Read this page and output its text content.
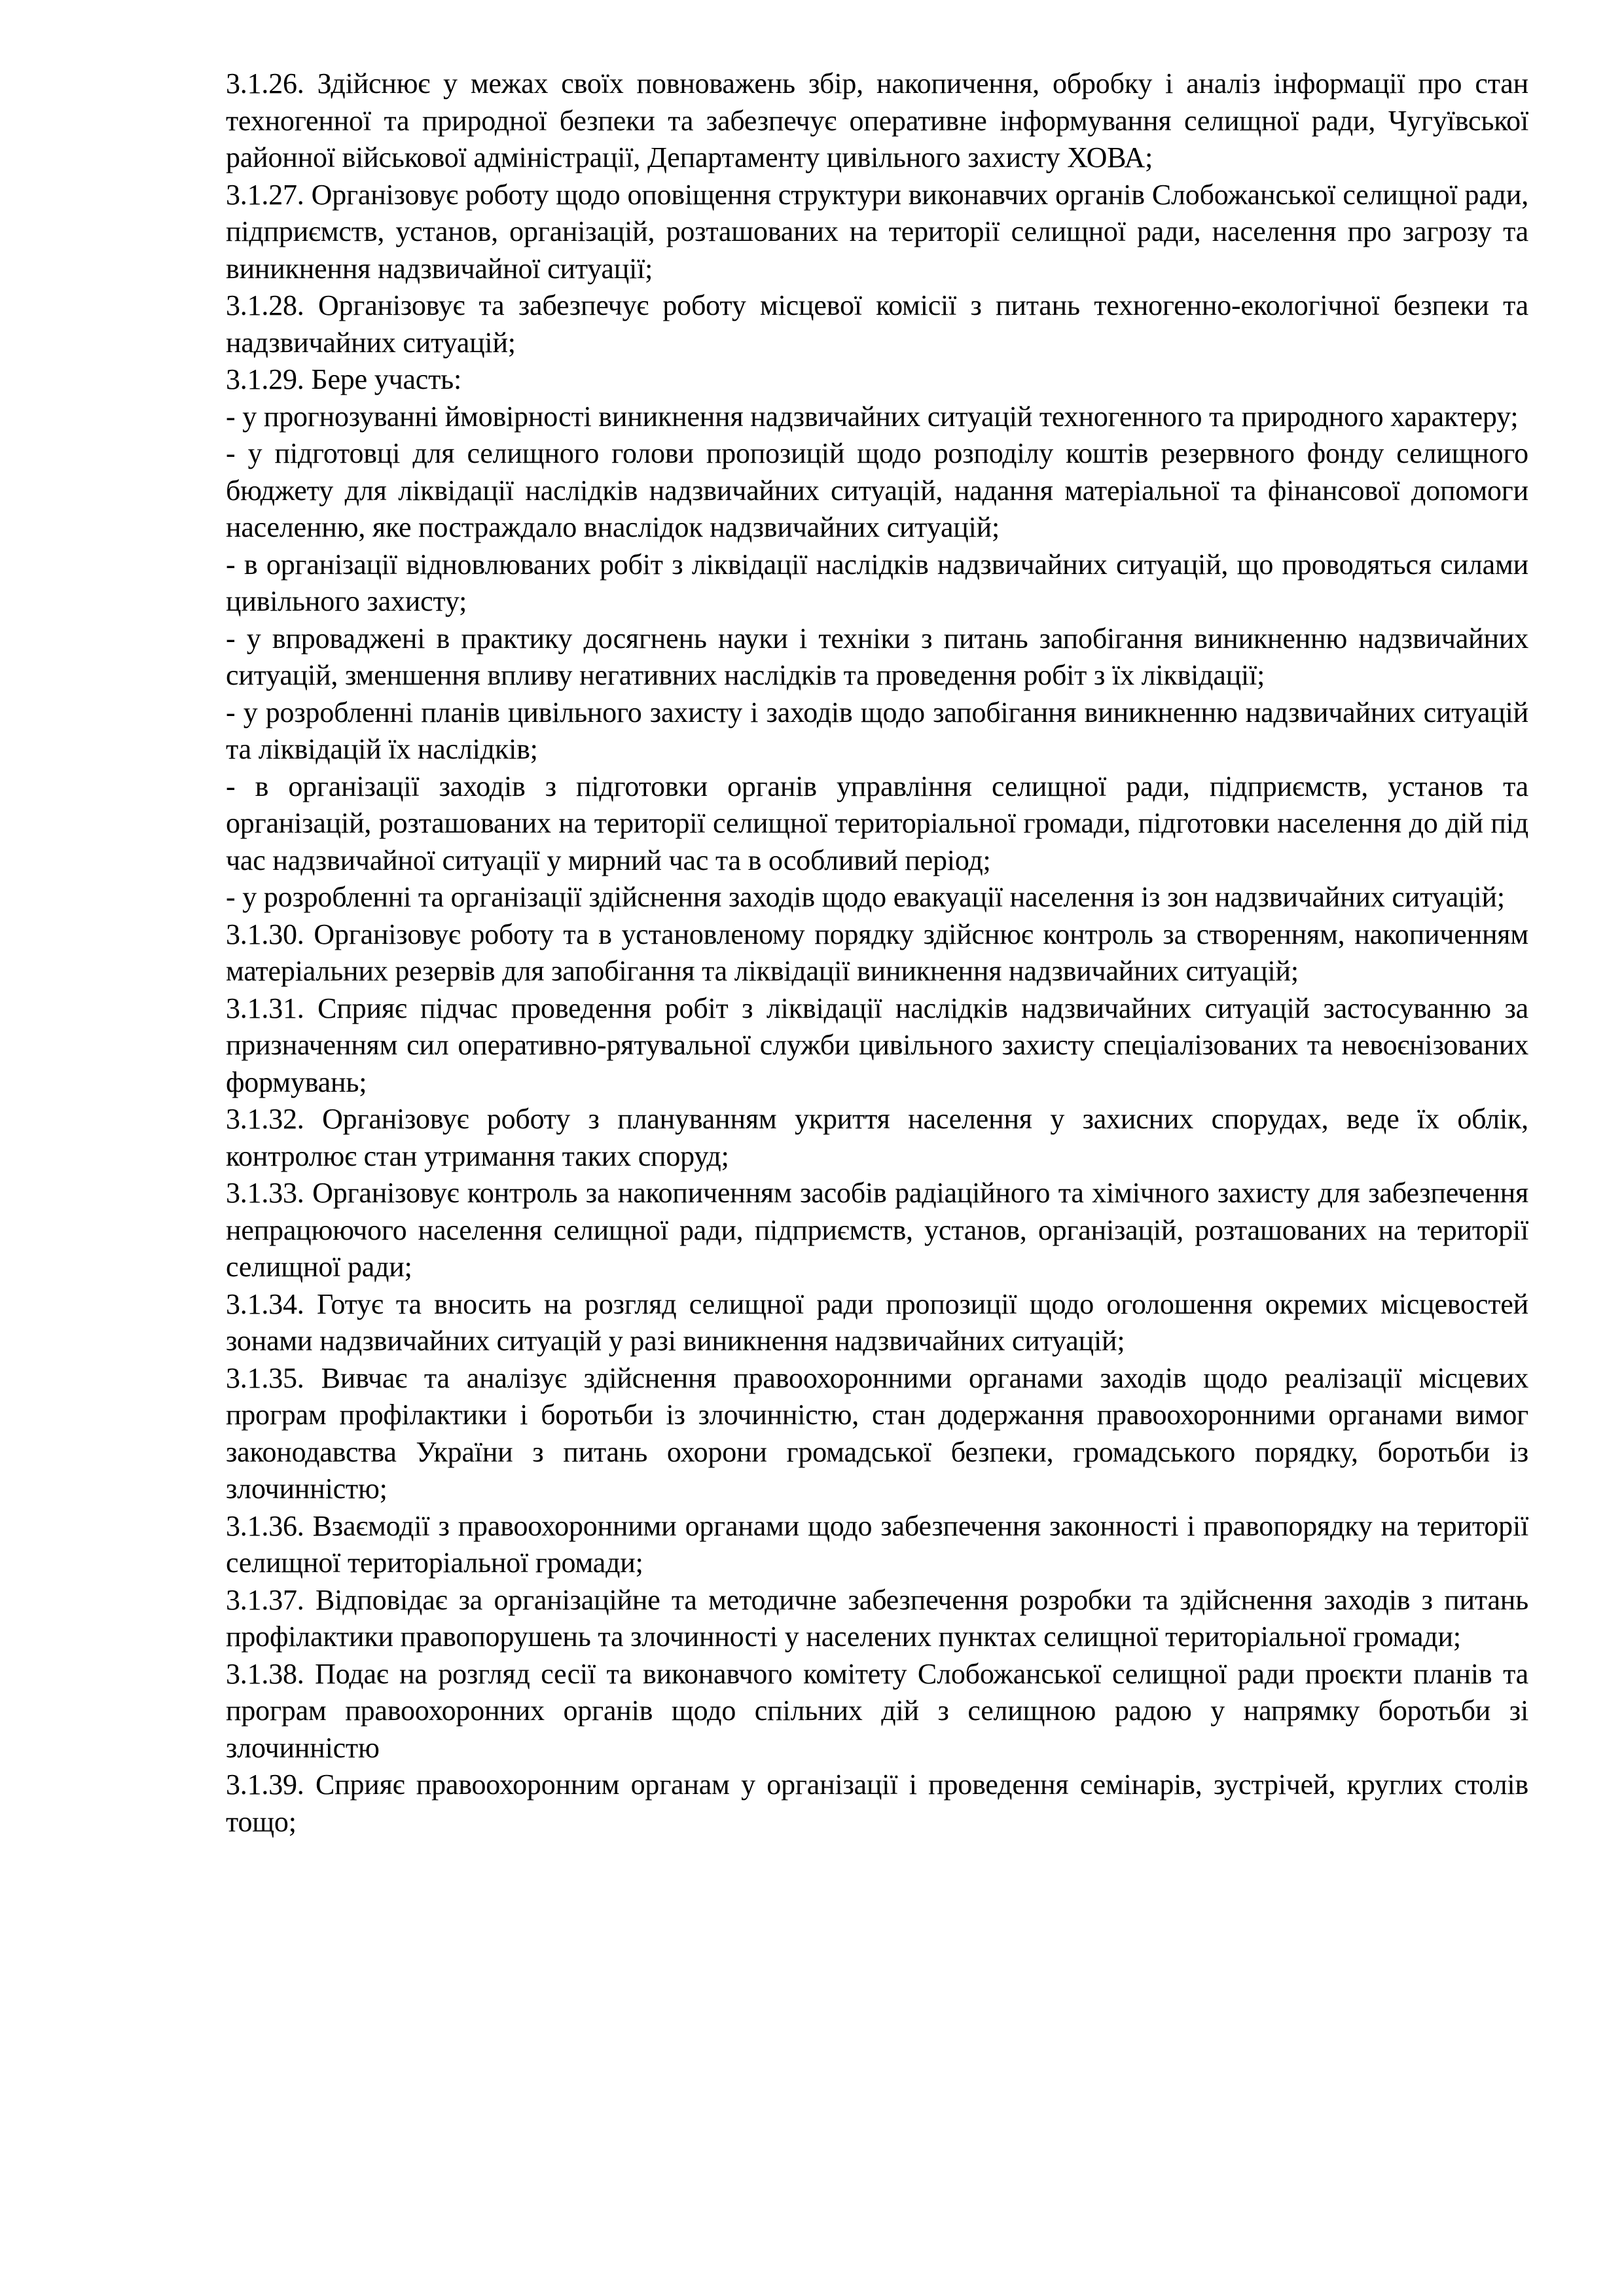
3.1.26. Здійснює у межах своїх повноважень збір, накопичення, обробку і аналіз інформації про стан техногенної та природної безпеки та забезпечує оперативне інформування селищної ради, Чугуївської районної військової адміністрації, Департаменту цивільного захисту ХОВА;

3.1.27. Організовує роботу щодо оповіщення структури виконавчих органів Слобожанської селищної ради, підприємств, установ, організацій, розташованих на території селищної ради, населення про загрозу та виникнення надзвичайної ситуації;

3.1.28. Організовує та забезпечує роботу місцевої комісії з питань техногенно-екологічної безпеки та надзвичайних ситуацій;

3.1.29. Бере участь:

- у прогнозуванні ймовірності виникнення надзвичайних ситуацій техногенного та природного характеру;

- у підготовці для селищного голови пропозицій щодо розподілу коштів резервного фонду селищного бюджету для ліквідації наслідків надзвичайних ситуацій, надання матеріальної та фінансової допомоги населенню, яке постраждало внаслідок надзвичайних ситуацій;

- в організації відновлюваних робіт з ліквідації наслідків надзвичайних ситуацій, що проводяться силами цивільного захисту;

- у впроваджені в практику досягнень науки і техніки з питань запобігання виникненню надзвичайних ситуацій, зменшення впливу негативних наслідків та проведення робіт з їх ліквідації;

- у розробленні планів цивільного захисту і заходів щодо запобігання виникненню надзвичайних ситуацій та ліквідацій їх наслідків;

- в організації заходів з підготовки органів управління селищної ради, підприємств, установ та організацій, розташованих на території селищної територіальної громади, підготовки населення до дій під час надзвичайної ситуації у мирний час та в особливий період;

- у розробленні та організації здійснення заходів щодо евакуації населення із зон надзвичайних ситуацій;

3.1.30. Організовує роботу та в установленому порядку здійснює контроль за створенням, накопиченням матеріальних резервів для запобігання та ліквідації виникнення надзвичайних ситуацій;

3.1.31. Сприяє підчас проведення робіт з ліквідації наслідків надзвичайних ситуацій застосуванню за призначенням сил оперативно-рятувальної служби цивільного захисту спеціалізованих та невоєнізованих формувань;

3.1.32. Організовує роботу з плануванням укриття населення у захисних спорудах, веде їх облік, контролює стан утримання таких споруд;

3.1.33. Організовує контроль за накопиченням засобів радіаційного та хімічного захисту для забезпечення непрацюючого населення селищної ради, підприємств, установ, організацій, розташованих на території селищної ради;

3.1.34. Готує та вносить на розгляд селищної ради пропозиції щодо оголошення окремих місцевостей зонами надзвичайних ситуацій у разі виникнення надзвичайних ситуацій;

3.1.35. Вивчає та аналізує здійснення правоохоронними органами заходів щодо реалізації місцевих програм профілактики і боротьби із злочинністю, стан додержання правоохоронними органами вимог законодавства України з питань охорони громадської безпеки, громадського порядку, боротьби із злочинністю;

3.1.36. Взаємодії з правоохоронними органами щодо забезпечення законності і правопорядку на території селищної територіальної громади;

3.1.37. Відповідає за організаційне та методичне забезпечення розробки та здійснення заходів з питань профілактики правопорушень та злочинності у населених пунктах селищної територіальної громади;

3.1.38. Подає на розгляд сесії та виконавчого комітету Слобожанської селищної ради проєкти планів та програм правоохоронних органів щодо спільних дій з селищною радою у напрямку боротьби зі злочинністю

3.1.39. Сприяє правоохоронним органам у організації і проведення семінарів, зустрічей, круглих столів тощо;
